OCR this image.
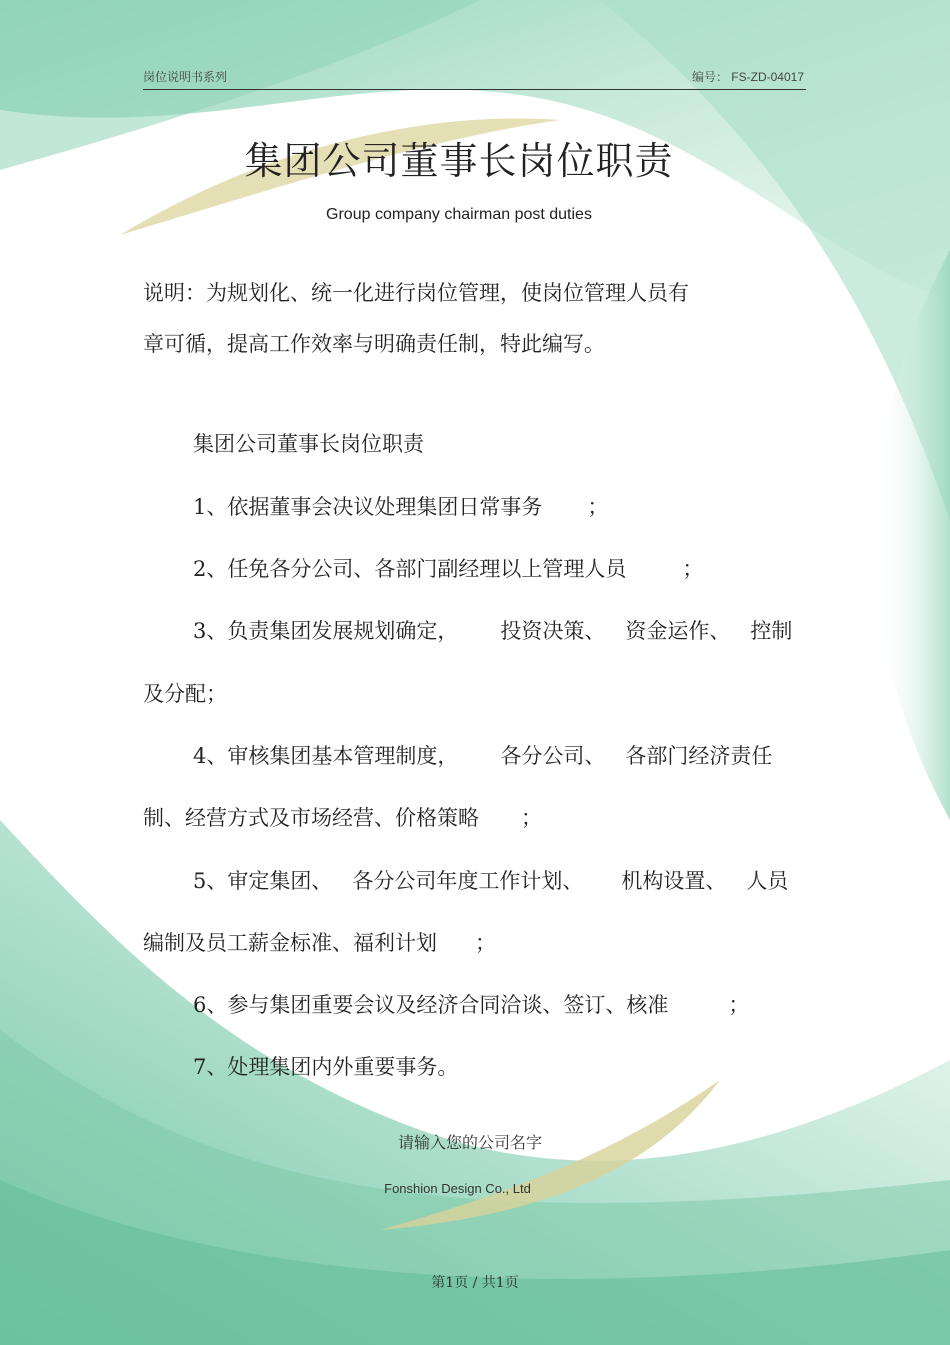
岗位说明书系列	编号： FS-ZD-04017
集团公司董事长岗位职责
Group company chairman post duties
说明：为规划化、统一化进行岗位管理，使岗位管理人员有
章可循，提高工作效率与明确责任制，特此编写。
集团公司董事长岗位职责
1、依据董事会决议处理集团日常事务 ；
2、任免各分公司、各部门副经理以上管理人员	；
3、负责集团发展规划确定， 投资决策、 资金运作、 控制
及分配；
4、审核集团基本管理制度， 各分公司、 各部门经济责任
制、经营方式及市场经营、价格策略 ；
5、审定集团、 各分公司年度工作计划、 机构设置、 人员
编制及员工薪金标准、福利计划 ；
6、参与集团重要会议及经济合同洽谈、签订、核准	；
7、处理集团内外重要事务。
请输入您的公司名字
Fonshion Design Co., Ltd
第1页 / 共1页
